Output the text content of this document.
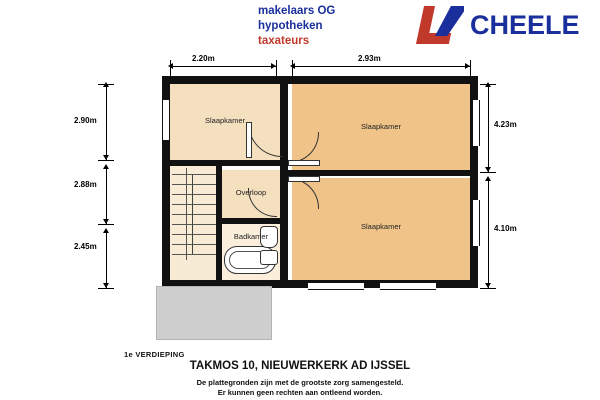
makelaars OG
hypotheken
taxateurs
CHEELE
Slaapkamer
Slaapkamer
Slaapkamer
Overloop
Badkamer
2.20m	2.93m
2.90m
2.88m
2.45m
4.23m
4.10m
1e VERDIEPING
TAKMOS 10, NIEUWERKERK AD IJSSEL
De plattegronden zijn met de grootste zorg samengesteld.
Er kunnen geen rechten aan ontleend worden.
